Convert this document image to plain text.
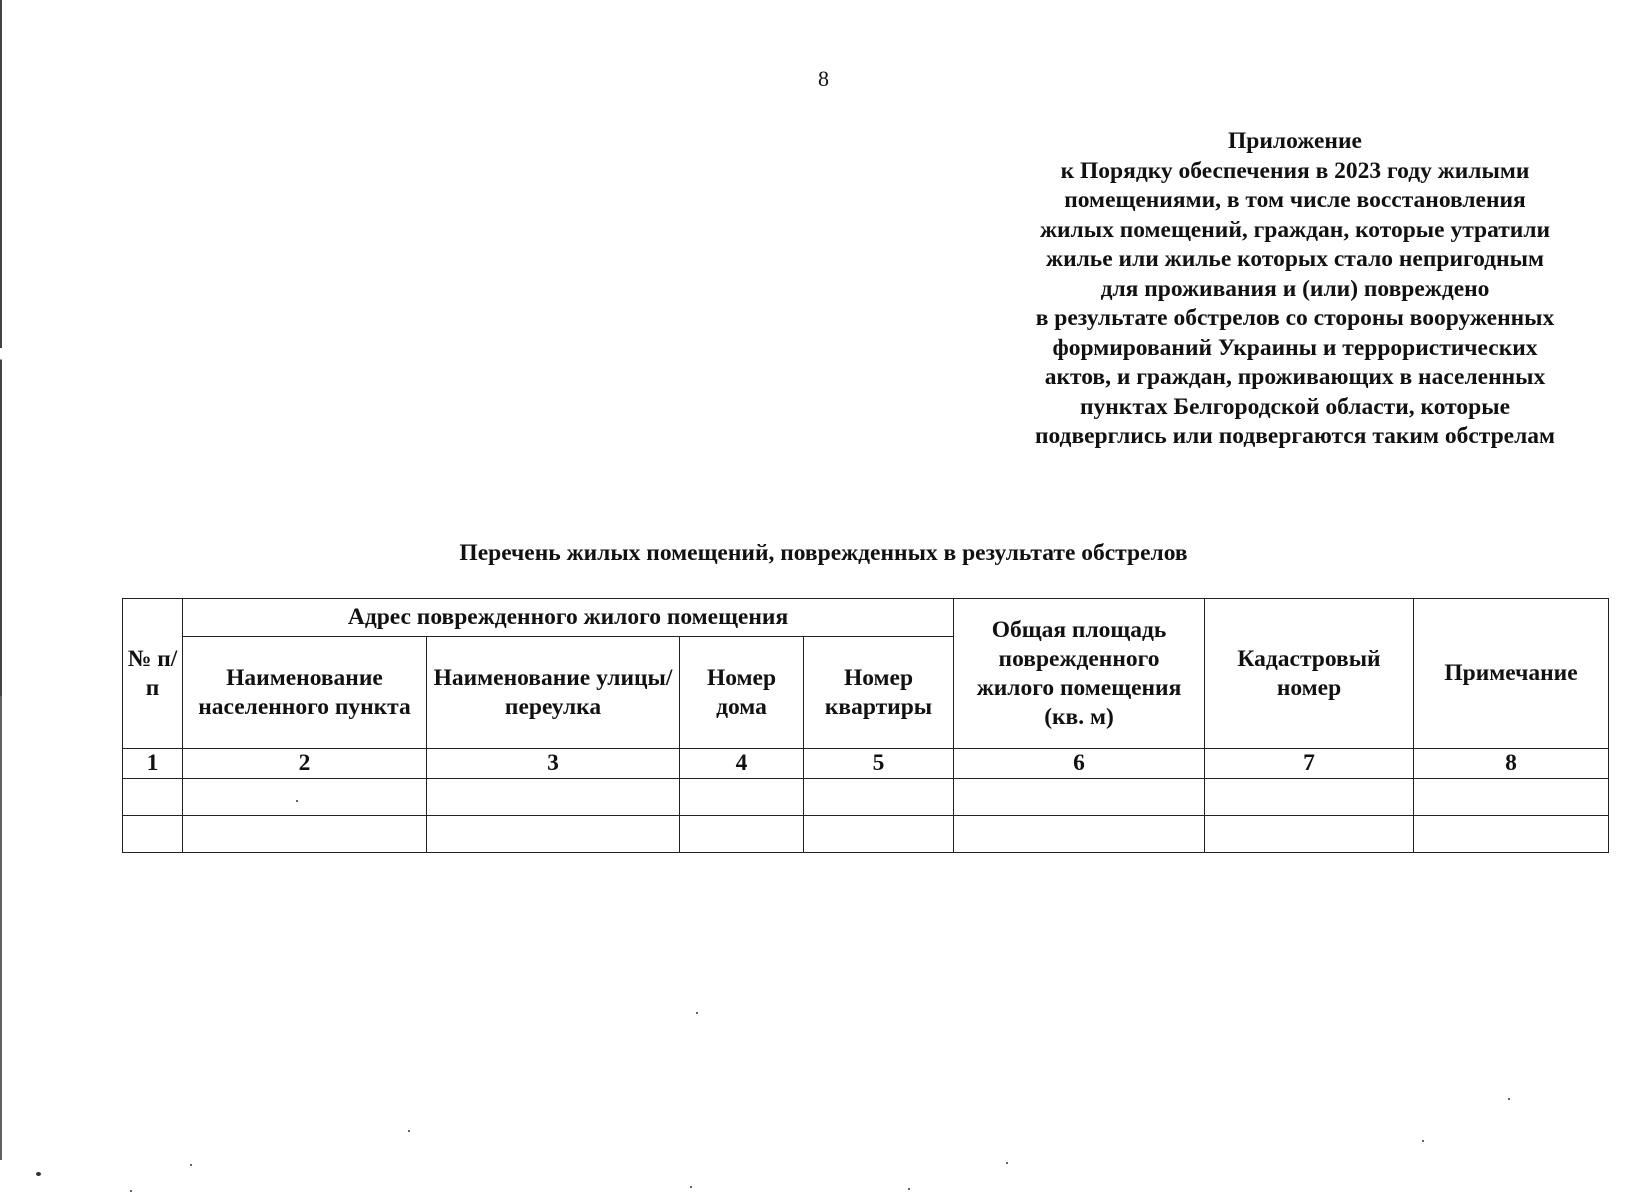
8
Приложение
к Порядку обеспечения в 2023 году жилыми
помещениями, в том числе восстановления
жилых помещений, граждан, которые утратили
жилье или жилье которых стало непригодным
для проживания и (или) повреждено
в результате обстрелов со стороны вооруженных
формирований Украины и террористических
актов, и граждан, проживающих в населенных
пунктах Белгородской области, которые
подверглись или подвергаются таким обстрелам
Перечень жилых помещений, поврежденных в результате обстрелов
№ п/п	Адрес поврежденного жилого помещения				Общая площадь поврежденного жилого помещения (кв. м)	Кадастровый номер	Примечание
	Наименование населенного пункта	Наименование улицы/переулка	Номер дома	Номер квартиры			
1	2	3	4	5	6	7	8
